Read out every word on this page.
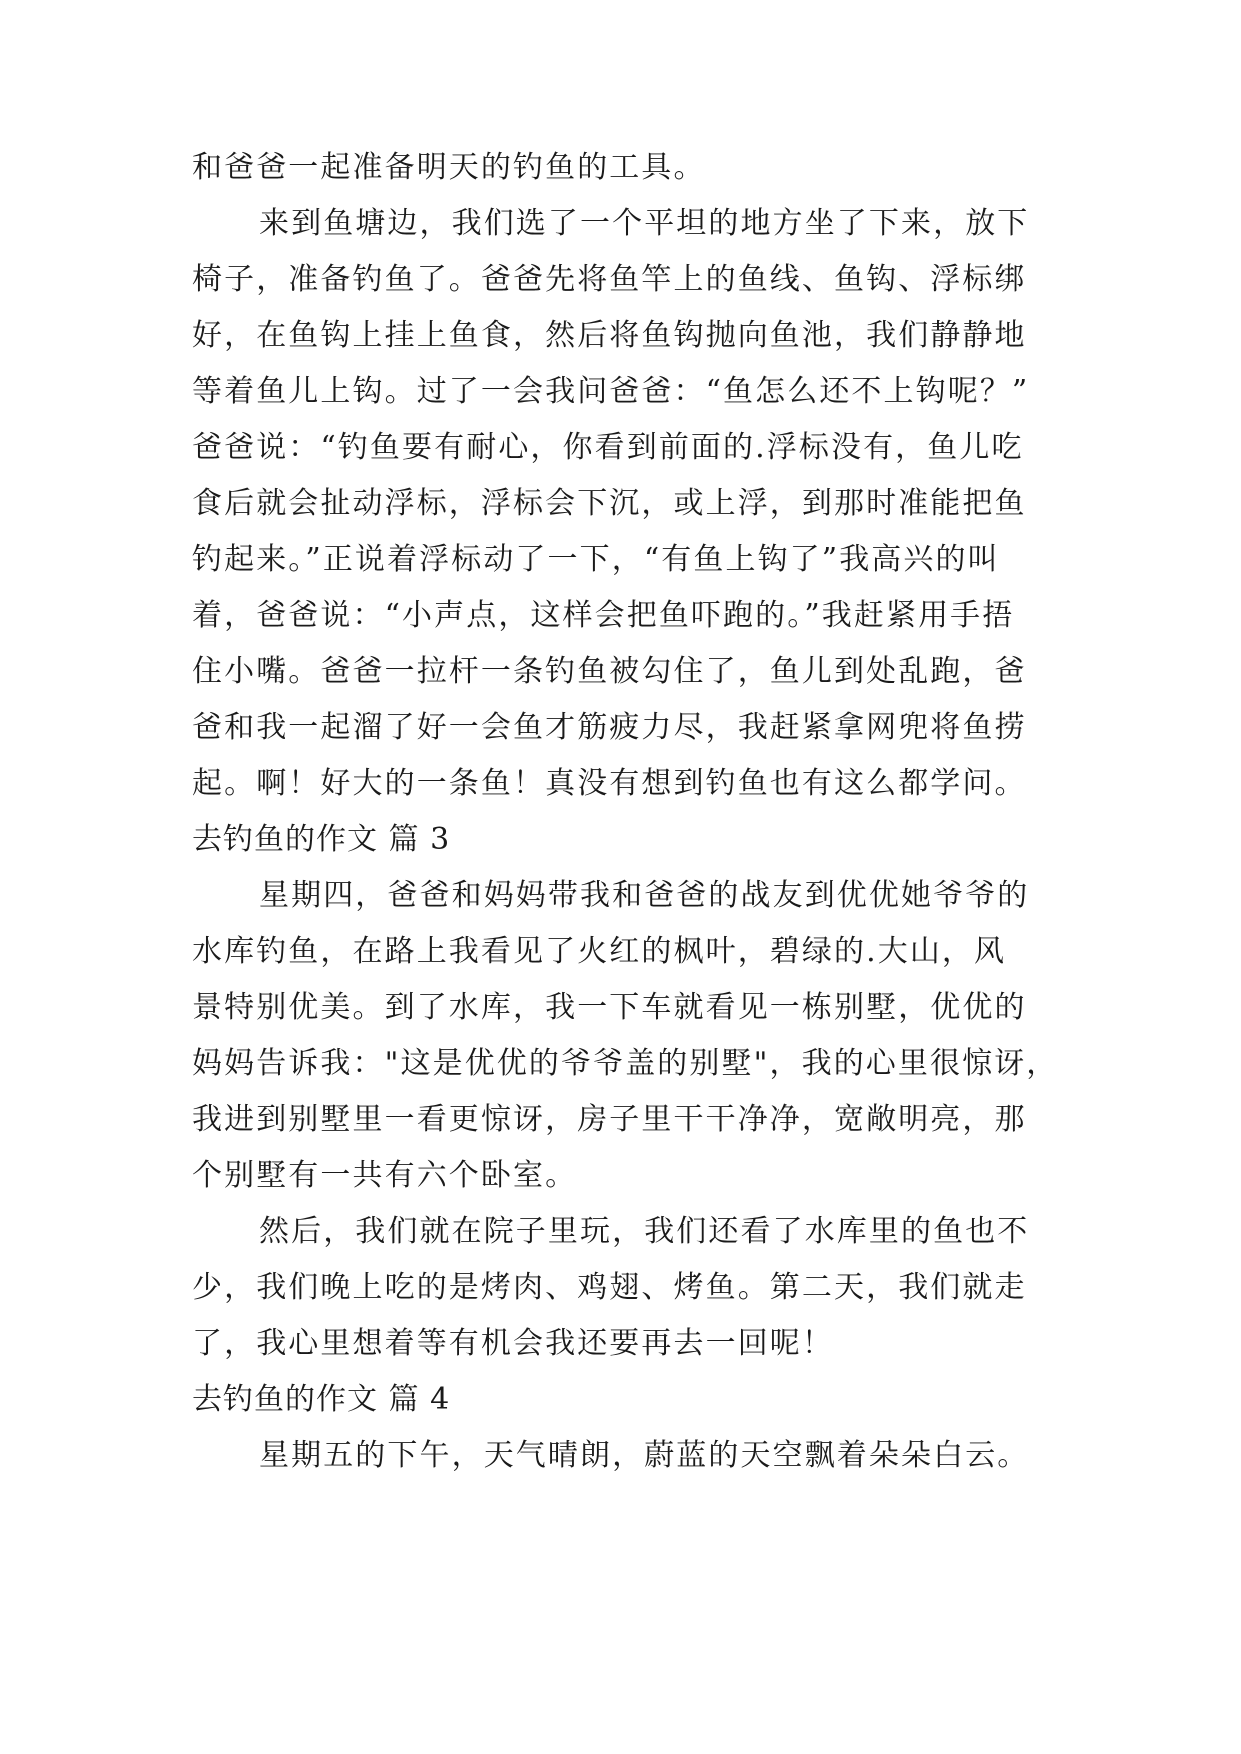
和爸爸一起准备明天的钓鱼的工具。
来到鱼塘边，我们选了一个平坦的地方坐了下来，放下
椅子，准备钓鱼了。爸爸先将鱼竿上的鱼线、鱼钩、浮标绑
好，在鱼钩上挂上鱼食，然后将鱼钩抛向鱼池，我们静静地
等着鱼儿上钩。过了一会我问爸爸：“鱼怎么还不上钩呢？”
爸爸说：“钓鱼要有耐心，你看到前面的.浮标没有，鱼儿吃
食后就会扯动浮标，浮标会下沉，或上浮，到那时准能把鱼
钓起来。”正说着浮标动了一下，“有鱼上钩了”我高兴的叫
着，爸爸说：“小声点，这样会把鱼吓跑的。”我赶紧用手捂
住小嘴。爸爸一拉杆一条钓鱼被勾住了，鱼儿到处乱跑，爸
爸和我一起溜了好一会鱼才筋疲力尽，我赶紧拿网兜将鱼捞
起。啊！好大的一条鱼！真没有想到钓鱼也有这么都学问。
去钓鱼的作文 篇 3
星期四，爸爸和妈妈带我和爸爸的战友到优优她爷爷的
水库钓鱼，在路上我看见了火红的枫叶，碧绿的.大山，风
景特别优美。到了水库，我一下车就看见一栋别墅，优优的
妈妈告诉我："这是优优的爷爷盖的别墅"，我的心里很惊讶，
我进到别墅里一看更惊讶，房子里干干净净，宽敞明亮，那
个别墅有一共有六个卧室。
然后，我们就在院子里玩，我们还看了水库里的鱼也不
少，我们晚上吃的是烤肉、鸡翅、烤鱼。第二天，我们就走
了，我心里想着等有机会我还要再去一回呢！
去钓鱼的作文 篇 4
星期五的下午，天气晴朗，蔚蓝的天空飘着朵朵白云。
